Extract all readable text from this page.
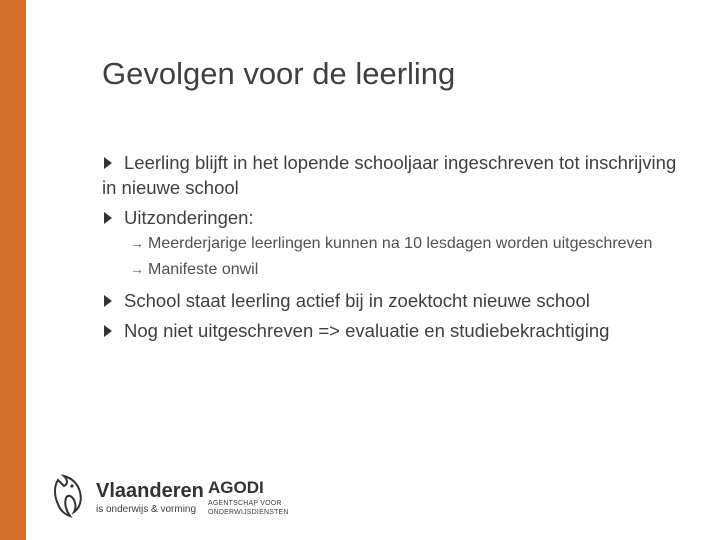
Gevolgen voor de leerling
Leerling blijft in het lopende schooljaar ingeschreven tot inschrijving in nieuwe school
Uitzonderingen:
→ Meerderjarige leerlingen kunnen na 10 lesdagen worden uitgeschreven
→ Manifeste onwil
School staat leerling actief bij in zoektocht nieuwe school
Nog niet uitgeschreven => evaluatie en studiebekrachtiging
Vlaanderen
is onderwijs & vorming
AGODI
AGENTSCHAP VOOR
ONDERWIJSDIENSTEN
